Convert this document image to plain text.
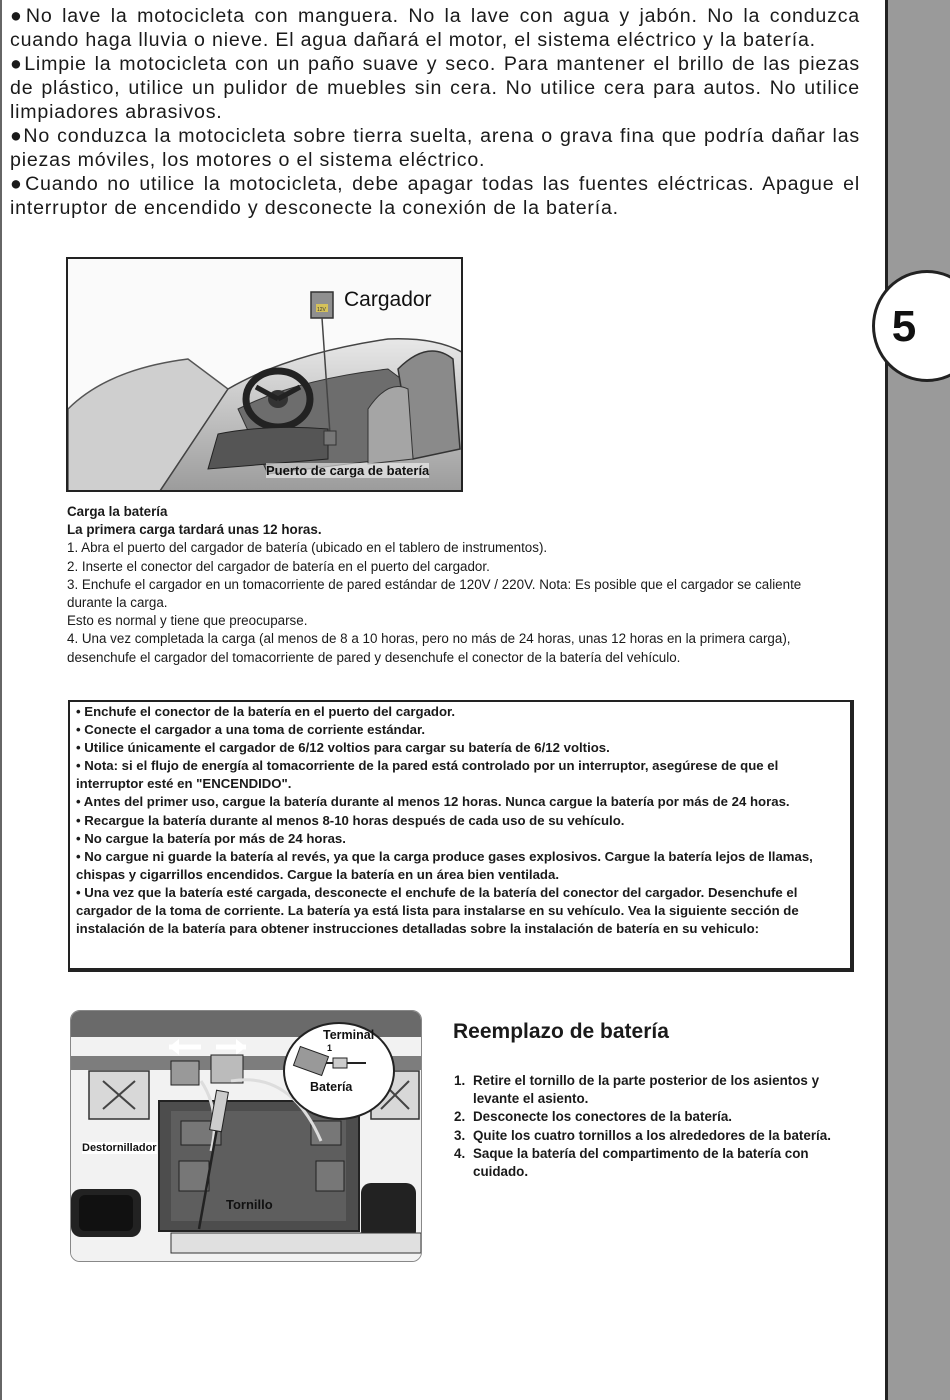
5

●No lave la motocicleta con manguera. No la lave con agua y jabón. No la conduzca cuando haga lluvia o nieve. El agua dañará el motor, el sistema eléctrico y la batería.

●Limpie la motocicleta con un paño suave y seco. Para mantener el brillo de las piezas de plástico, utilice un pulidor de muebles sin cera. No utilice cera para autos. No utilice limpiadores abrasivos.

●No conduzca la motocicleta sobre tierra suelta, arena o grava fina que podría dañar las piezas móviles, los motores o el sistema eléctrico.

●Cuando no utilice la motocicleta, debe apagar todas las fuentes eléctricas. Apague el interruptor de encendido y desconecte la conexión de la batería.

12V Cargador
Puerto de carga de batería
Carga la batería
La primera carga tardará unas 12 horas.
1. Abra el puerto del cargador de batería (ubicado en el tablero de instrumentos).
2. Inserte el conector del cargador de batería en el puerto del cargador.
3. Enchufe el cargador en un tomacorriente de pared estándar de 120V / 220V. Nota: Es posible que el cargador se caliente durante la carga.
Esto es normal y tiene que preocuparse.
4. Una vez completada la carga (al menos de 8 a 10 horas, pero no más de 24 horas, unas 12 horas en la primera carga), desenchufe el cargador del tomacorriente de pared y desenchufe el conector de la batería del vehículo.
• Enchufe el conector de la batería en el puerto del cargador.
• Conecte el cargador a una toma de corriente estándar.
• Utilice únicamente el cargador de 6/12 voltios para cargar su batería de 6/12 voltios.
• Nota: si el flujo de energía al tomacorriente de la pared está controlado por un interruptor, asegúrese de que el interruptor esté en "ENCENDIDO".
• Antes del primer uso, cargue la batería durante al menos 12 horas. Nunca cargue la batería por más de 24 horas.
• Recargue la batería durante al menos 8-10 horas después de cada uso de su vehículo.
• No cargue la batería por más de 24 horas.
• No cargue ni guarde la batería al revés, ya que la carga produce gases explosivos. Cargue la batería lejos de llamas, chispas y cigarrillos encendidos. Cargue la batería en un área bien ventilada.
• Una vez que la batería esté cargada, desconecte el enchufe de la batería del conector del cargador. Desenchufe el cargador de la toma de corriente. La batería ya está lista para instalarse en su vehículo. Vea la siguiente sección de instalación de la batería para obtener instrucciones detalladas sobre la instalación de batería en su vehiculo:
Terminal
1
Batería
Destornillador
Battery
Tornillo
Reemplazo de batería
1. Retire el tornillo de la parte posterior de los asientos y levante el asiento.
2. Desconecte los conectores de la batería.
3. Quite los cuatro tornillos a los alrededores de la batería.
4. Saque la batería del compartimento de la batería con cuidado.
